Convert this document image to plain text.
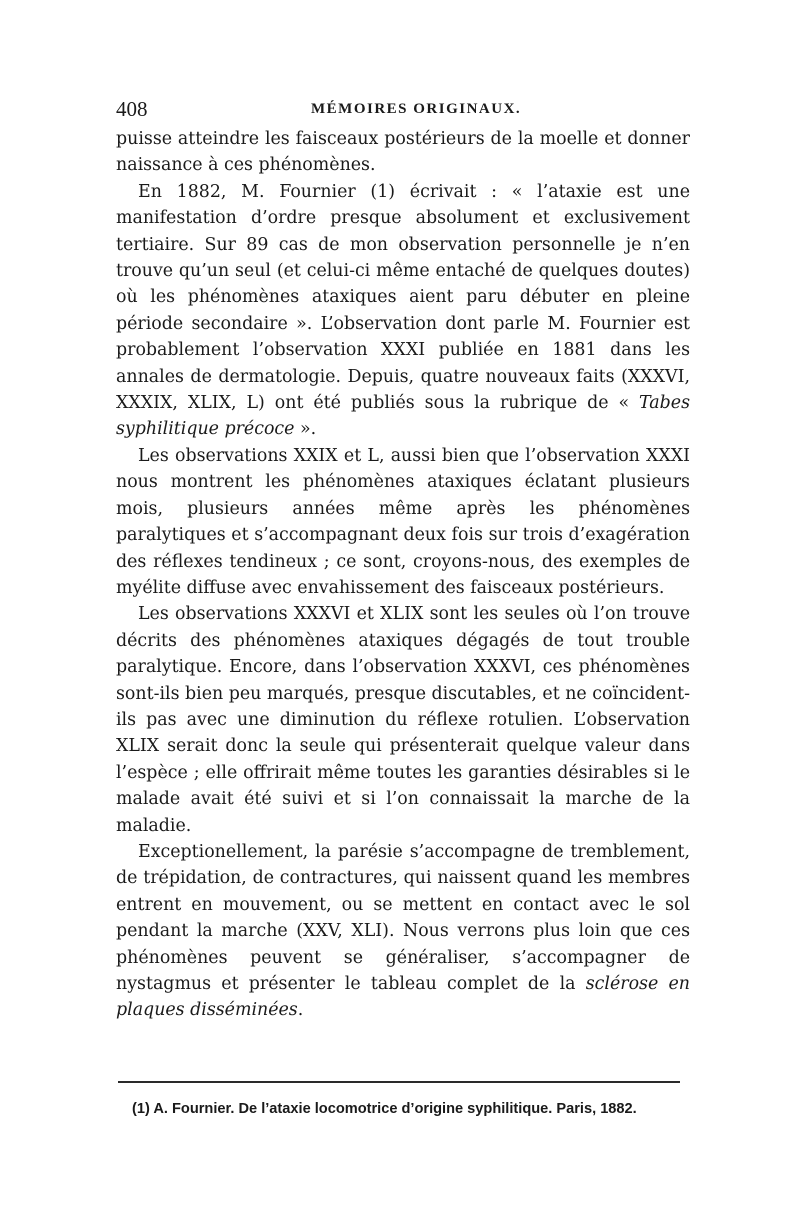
408	MÉMOIRES ORIGINAUX.

puisse atteindre les faisceaux postérieurs de la moelle et donner naissance à ces phénomènes.

En 1882, M. Fournier (1) écrivait : « l’ataxie est une manifestation d’ordre presque absolument et exclusivement tertiaire. Sur 89 cas de mon observation personnelle je n’en trouve qu’un seul (et celui-ci même entaché de quelques doutes) où les phénomènes ataxiques aient paru débuter en pleine période secondaire ». L’observation dont parle M. Fournier est probablement l’observation XXXI publiée en 1881 dans les annales de dermatologie. Depuis, quatre nouveaux faits (XXXVI, XXXIX, XLIX, L) ont été publiés sous la rubrique de « Tabes syphilitique précoce ».

Les observations XXIX et L, aussi bien que l’observation XXXI nous montrent les phénomènes ataxiques éclatant plusieurs mois, plusieurs années même après les phénomènes paralytiques et s’accompagnant deux fois sur trois d’exagération des réflexes tendineux ; ce sont, croyons-nous, des exemples de myélite diffuse avec envahissement des faisceaux postérieurs.

Les observations XXXVI et XLIX sont les seules où l’on trouve décrits des phénomènes ataxiques dégagés de tout trouble paralytique. Encore, dans l’observation XXXVI, ces phénomènes sont-ils bien peu marqués, presque discutables, et ne coïncident-ils pas avec une diminution du réflexe rotulien. L’observation XLIX serait donc la seule qui présenterait quelque valeur dans l’espèce ; elle offrirait même toutes les garanties désirables si le malade avait été suivi et si l’on connaissait la marche de la maladie.

Exceptionellement, la parésie s’accompagne de tremblement, de trépidation, de contractures, qui naissent quand les membres entrent en mouvement, ou se mettent en contact avec le sol pendant la marche (XXV, XLI). Nous verrons plus loin que ces phénomènes peuvent se généraliser, s’accompagner de nystagmus et présenter le tableau complet de la sclérose en plaques disséminées.

(1) A. Fournier. De l’ataxie locomotrice d’origine syphilitique. Paris, 1882.
